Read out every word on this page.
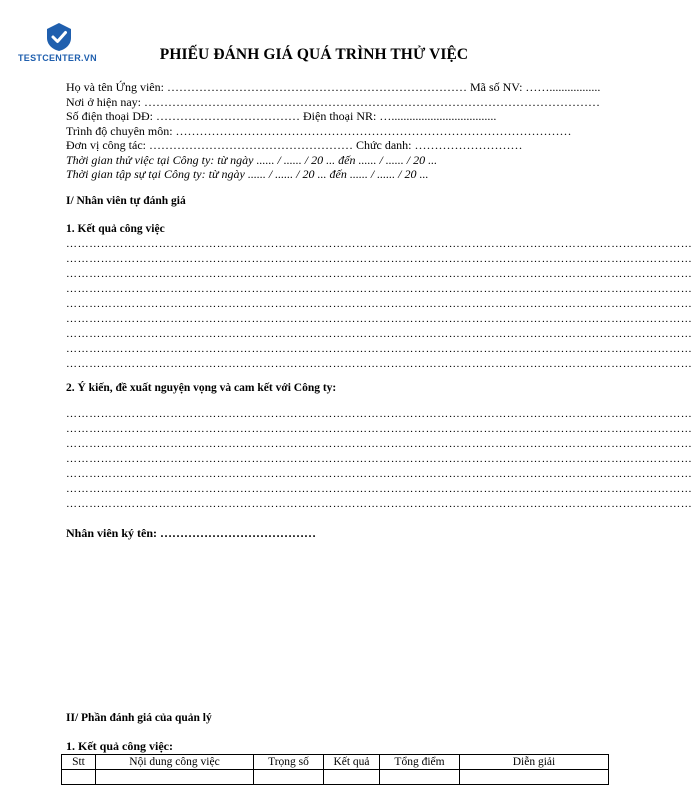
TESTCENTER.VN	PHIẾU ĐÁNH GIÁ QUÁ TRÌNH THỬ VIỆC
Họ và tên Ứng viên: ………………………………………………………………… Mã số NV: …….................
Nơi ở hiện nay: ……………………………………………………………………………………………………
Số điện thoại DĐ: ……………………………… Điện thoại NR: …...................................
Trình độ chuyên môn: ………………………………………………………………………………………
Đơn vị công tác: …………………………………………… Chức danh: ………………………
Thời gian thử việc tại Công ty: từ ngày ...... / ...... / 20 ... đến ...... / ...... / 20 ...
Thời gian tập sự tại Công ty: từ ngày ...... / ...... / 20 ... đến ...... / ...... / 20 ...
I/ Nhân viên tự đánh giá
1. Kết quả công việc
………………………………………………………………………………………………………………………………………………
………………………………………………………………………………………………………………………………………………
………………………………………………………………………………………………………………………………………………
………………………………………………………………………………………………………………………………………………
………………………………………………………………………………………………………………………………………………
………………………………………………………………………………………………………………………………………………
………………………………………………………………………………………………………………………………………………
………………………………………………………………………………………………………………………………………………
………………………………………………………………………………………………………………………………………………
2. Ý kiến, đề xuất nguyện vọng và cam kết với Công ty:
………………………………………………………………………………………………………………………………………………
………………………………………………………………………………………………………………………………………………
………………………………………………………………………………………………………………………………………………
………………………………………………………………………………………………………………………………………………
………………………………………………………………………………………………………………………………………………
………………………………………………………………………………………………………………………………………………
………………………………………………………………………………………………………………………………………………
Nhân viên ký tên: …………………………………
II/ Phần đánh giá của quản lý
1. Kết quả công việc:
Stt	Nội dung công việc	Trọng số	Kết quả	Tổng điểm	Diễn giải
